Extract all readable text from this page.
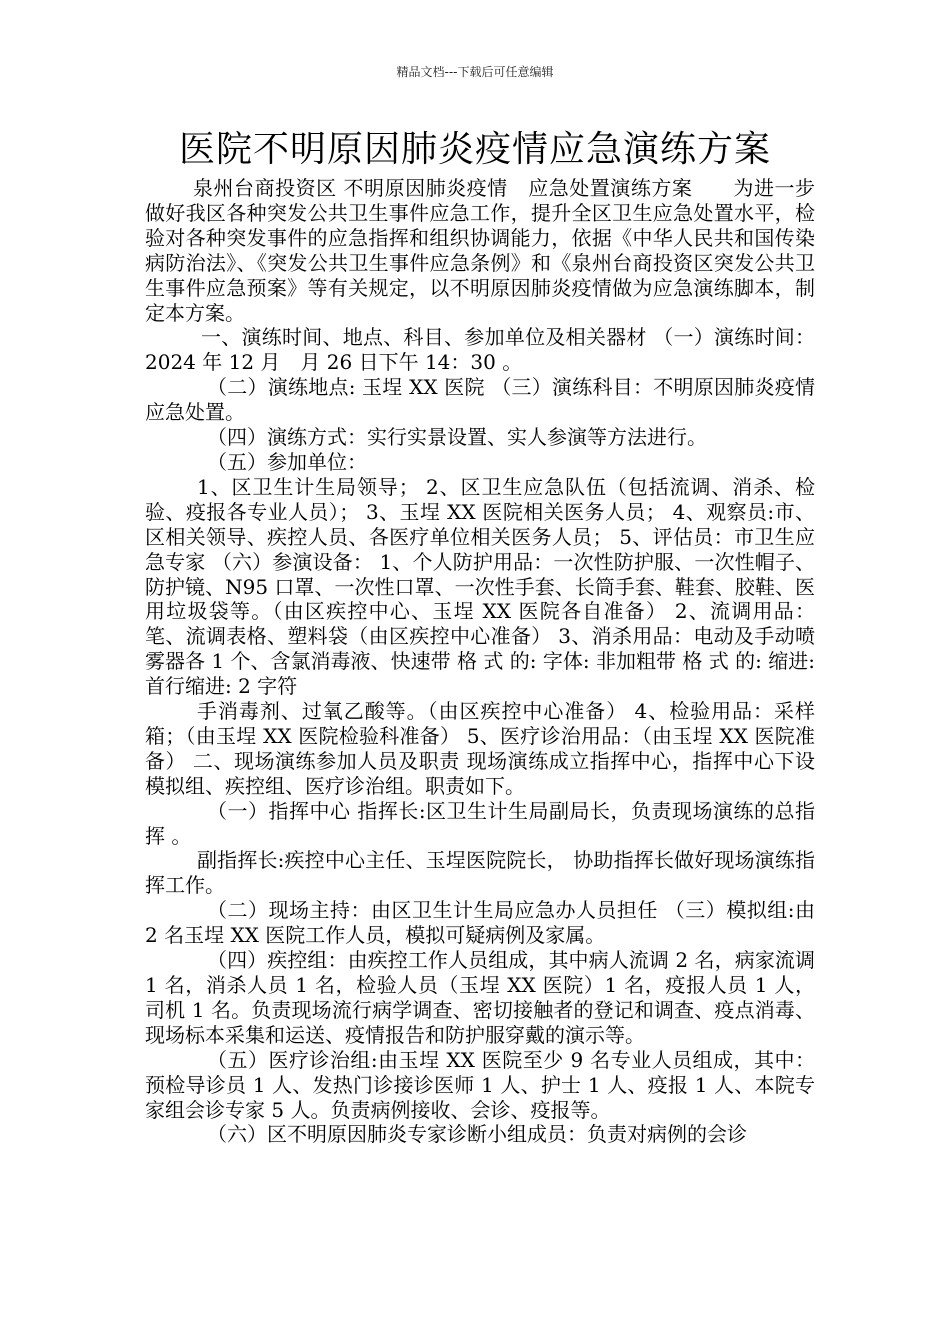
精品文档---下载后可任意编辑
医院不明原因肺炎疫情应急演练方案

泉州台商投资区 不明原因肺炎疫情　应急处置演练方案　　为进一步做好我区各种突发公共卫生事件应急工作，提升全区卫生应急处置水平，检验对各种突发事件的应急指挥和组织协调能力，依据《中华人民共和国传染病防治法》、《突发公共卫生事件应急条例》和《泉州台商投资区突发公共卫生事件应急预案》等有关规定，以不明原因肺炎疫情做为应急演练脚本，制定本方案。

一、演练时间、地点、科目、参加单位及相关器材 （一）演练时间：2024 年 12 月　月 26 日下午 14：30 。

（二）演练地点: 玉埕 XX 医院 （三）演练科目：不明原因肺炎疫情应急处置。

（四）演练方式：实行实景设置、实人参演等方法进行。

（五）参加单位：

1、区卫生计生局领导； 2、区卫生应急队伍（包括流调、消杀、检验、疫报各专业人员）； 3、玉埕 XX 医院相关医务人员； 4、观察员:市、区相关领导、疾控人员、各医疗单位相关医务人员； 5、评估员：市卫生应急专家 （六）参演设备： 1、个人防护用品：一次性防护服、一次性帽子、防护镜、N95 口罩、一次性口罩、一次性手套、长筒手套、鞋套、胶鞋、医用垃圾袋等。（由区疾控中心、玉埕 XX 医院各自准备） 2、流调用品：笔、流调表格、塑料袋（由区疾控中心准备） 3、消杀用品：电动及手动喷雾器各 1 个、含氯消毒液、快速带 格 式 的: 字体: 非加粗带 格 式 的: 缩进: 首行缩进: 2 字符

手消毒剂、过氧乙酸等。（由区疾控中心准备） 4、检验用品：采样箱；（由玉埕 XX 医院检验科准备） 5、医疗诊治用品：（由玉埕 XX 医院准备） 二、现场演练参加人员及职责 现场演练成立指挥中心，指挥中心下设模拟组、疾控组、医疗诊治组。职责如下。

（一）指挥中心 指挥长:区卫生计生局副局长，负责现场演练的总指挥 。

副指挥长:疾控中心主任、玉埕医院院长， 协助指挥长做好现场演练指挥工作。

（二）现场主持：由区卫生计生局应急办人员担任 （三）模拟组:由 2 名玉埕 XX 医院工作人员，模拟可疑病例及家属。

（四）疾控组：由疾控工作人员组成，其中病人流调 2 名，病家流调 1 名，消杀人员 1 名，检验人员（玉埕 XX 医院）1 名，疫报人员 1 人，司机 1 名。负责现场流行病学调查、密切接触者的登记和调查、疫点消毒、现场标本采集和运送、疫情报告和防护服穿戴的演示等。

（五）医疗诊治组:由玉埕 XX 医院至少 9 名专业人员组成，其中：预检导诊员 1 人、发热门诊接诊医师 1 人、护士 1 人、疫报 1 人、本院专家组会诊专家 5 人。负责病例接收、会诊、疫报等。

（六）区不明原因肺炎专家诊断小组成员：负责对病例的会诊
